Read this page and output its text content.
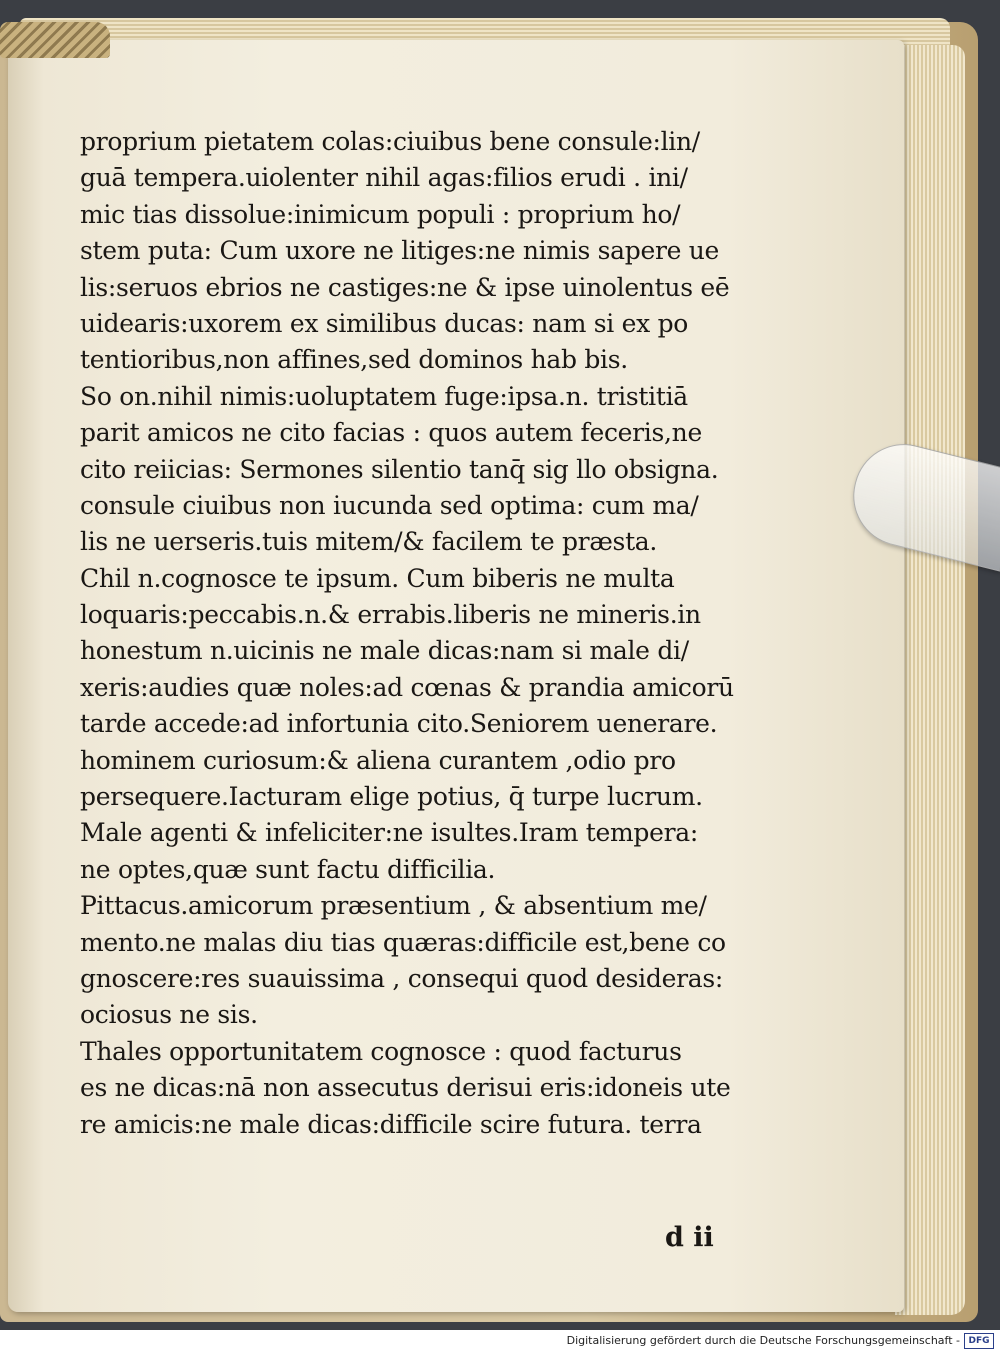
proprium pietatem colas:ciuibus bene consule:lin/
guā tempera.uiolenter nihil agas:filios erudi . ini/
mic tias dissolue:inimicum populi : proprium ho/
stem puta: Cum uxore ne litiges:ne nimis sapere ue
lis:seruos ebrios ne castiges:ne & ipse uinolentus eē
uidearis:uxorem ex similibus ducas: nam si ex po
tentioribus,non affines,sed dominos hab bis.
So on.nihil nimis:uoluptatem fuge:ipsa.n. tristitiā
parit amicos ne cito facias : quos autem feceris,ne
cito reiicias: Sermones silentio tanq̄ sig llo obsigna.
consule ciuibus non iucunda sed optima: cum ma/
lis ne uerseris.tuis mitem/& facilem te præsta.
Chil n.cognosce te ipsum. Cum biberis ne multa
loquaris:peccabis.n.& errabis.liberis ne mineris.in
honestum n.uicinis ne male dicas:nam si male di/
xeris:audies quæ noles:ad cœnas & prandia amicorū
tarde accede:ad infortunia cito.Seniorem uenerare.
hominem curiosum:& aliena curantem ,odio pro
persequere.Iacturam elige potius, q̄ turpe lucrum.
Male agenti & infeliciter:ne isultes.Iram tempera:
ne optes,quæ sunt factu difficilia.
Pittacus.amicorum præsentium , & absentium me/
mento.ne malas diu tias quæras:difficile est,bene co
gnoscere:res suauissima , consequi quod desideras:
ociosus ne sis.
Thales opportunitatem cognosce : quod facturus
es ne dicas:nā non assecutus derisui eris:idoneis ute
re amicis:ne male dicas:difficile scire futura. terra
d ii
Digitalisierung gefördert durch die Deutsche Forschungsgemeinschaft - DFG
